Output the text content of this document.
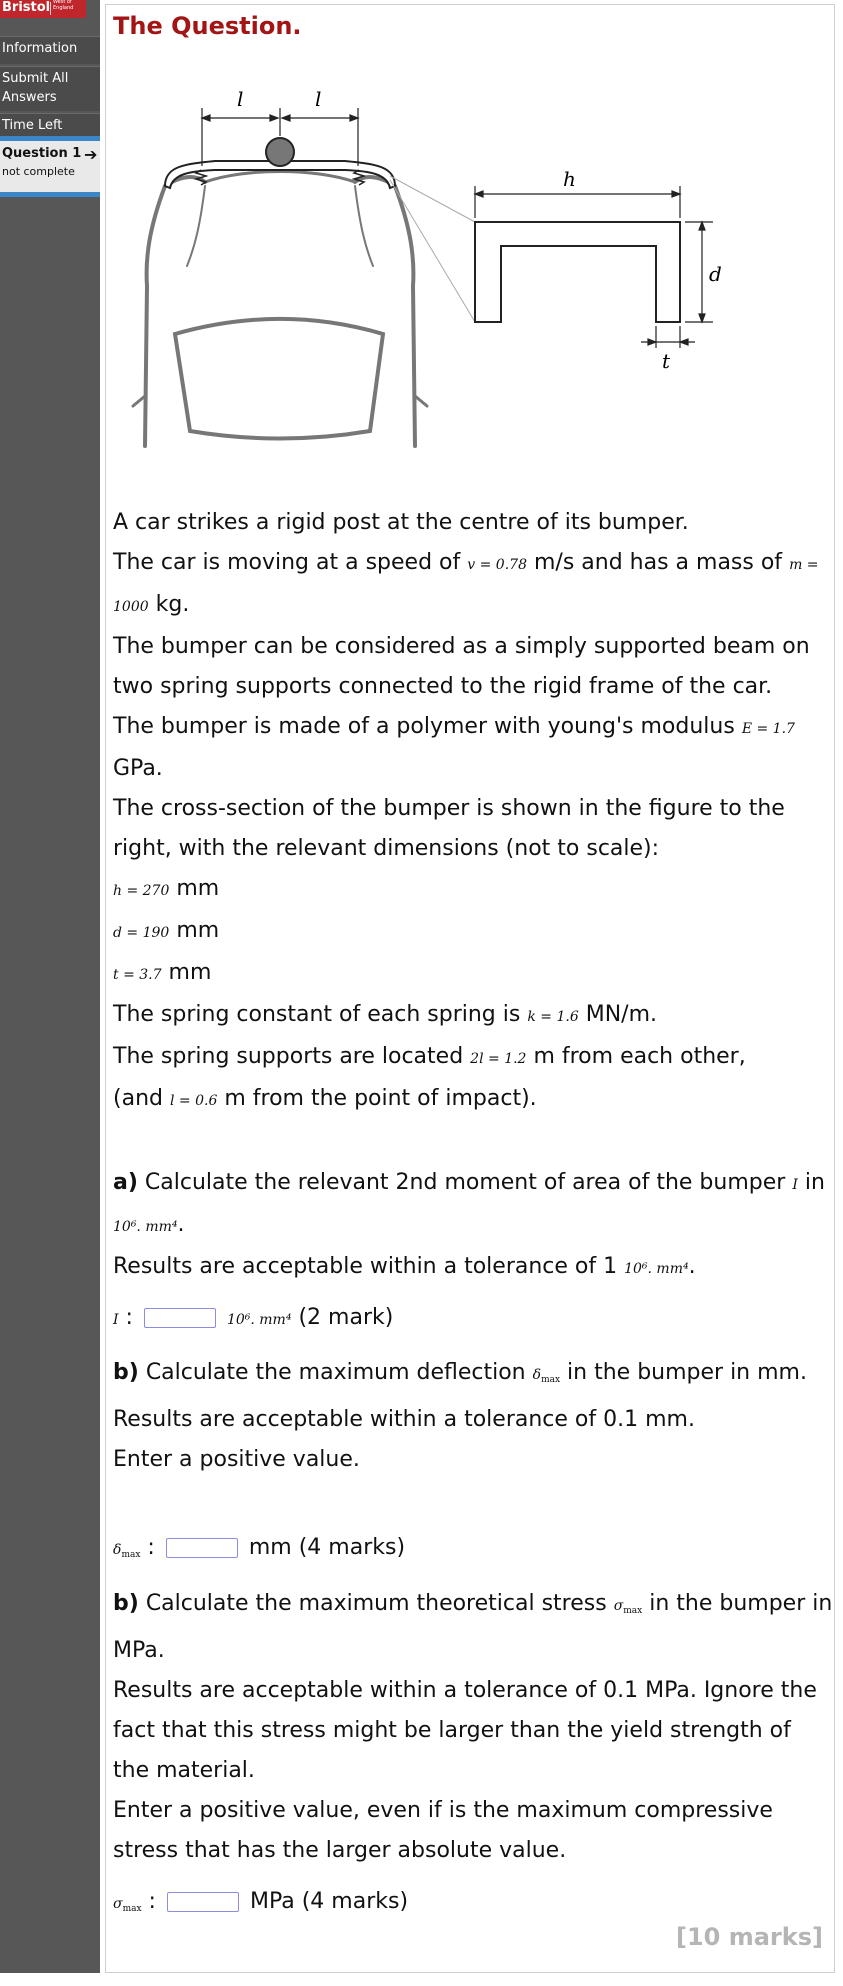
Bristol West of England
Information
Submit All Answers
Time Left
Question 1 ➔
not complete
The Question.
l	l
h
d
t
A car strikes a rigid post at the centre of its bumper.
The car is moving at a speed of v = 0.78 m/s and has a mass of m = 1000 kg.
The bumper can be considered as a simply supported beam on two spring supports connected to the rigid frame of the car.
The bumper is made of a polymer with young's modulus E = 1.7 GPa.
The cross-section of the bumper is shown in the figure to the right, with the relevant dimensions (not to scale):
h = 270 mm
d = 190 mm
t = 3.7 mm
The spring constant of each spring is k = 1.6 MN/m.
The spring supports are located 2l = 1.2 m from each other,
(and l = 0.6 m from the point of impact).
a) Calculate the relevant 2nd moment of area of the bumper I in 10⁶. mm⁴.
Results are acceptable within a tolerance of 1 10⁶. mm⁴.
I :	10⁶. mm⁴ (2 mark)
b) Calculate the maximum deflection $\delta_{max}$ in the bumper in mm.
Results are acceptable within a tolerance of 0.1 mm.
Enter a positive value.
$\delta_{max}$ :	mm (4 marks)
b) Calculate the maximum theoretical stress $\sigma_{max}$ in the bumper in MPa.
Results are acceptable within a tolerance of 0.1 MPa. Ignore the fact that this stress might be larger than the yield strength of the material.
Enter a positive value, even if is the maximum compressive stress that has the larger absolute value.
$\sigma_{max}$ :	MPa (4 marks)
[10 marks]
